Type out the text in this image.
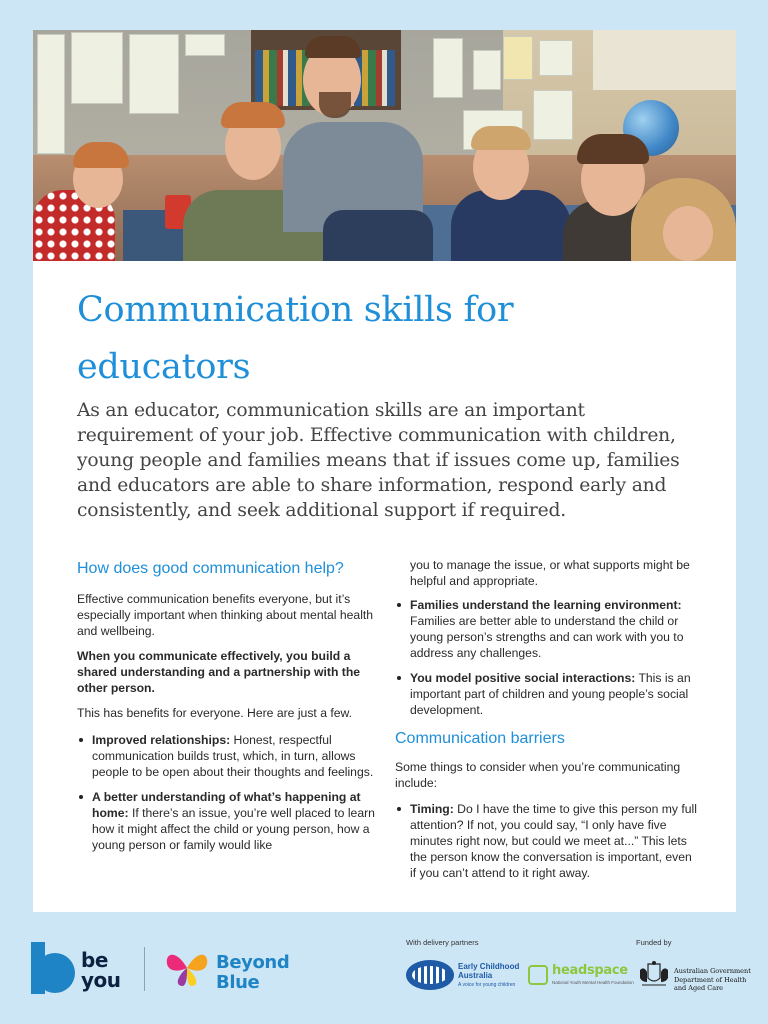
Communication skills for educators
As an educator, communication skills are an important requirement of your job. Effective communication with children, young people and families means that if issues come up, families and educators are able to share information, respond early and consistently, and seek additional support if required.
How does good communication help?
Effective communication benefits everyone, but it’s especially important when thinking about mental health and wellbeing.
When you communicate effectively, you build a shared understanding and a partnership with the other person.
This has benefits for everyone. Here are just a few.
Improved relationships: Honest, respectful communication builds trust, which, in turn, allows people to be open about their thoughts and feelings.
A better understanding of what’s happening at home: If there’s an issue, you’re well placed to learn how it might affect the child or young person, how a young person or family would like
you to manage the issue, or what supports might be helpful and appropriate.
Families understand the learning environment: Families are better able to understand the child or young person’s strengths and can work with you to address any challenges.
You model positive social interactions: This is an important part of children and young people’s social development.
Communication barriers
Some things to consider when you’re communicating include:
Timing: Do I have the time to give this person my full attention? If not, you could say, “I only have five minutes right now, but could we meet at...” This lets the person know the conversation is important, even if you can’t attend to it right away.
be
you
Beyond
Blue
With delivery partners	Funded by
Early Childhood
Australia
A voice for young children
headspace
National Youth Mental Health Foundation
Australian Government
Department of Health
and Aged Care
